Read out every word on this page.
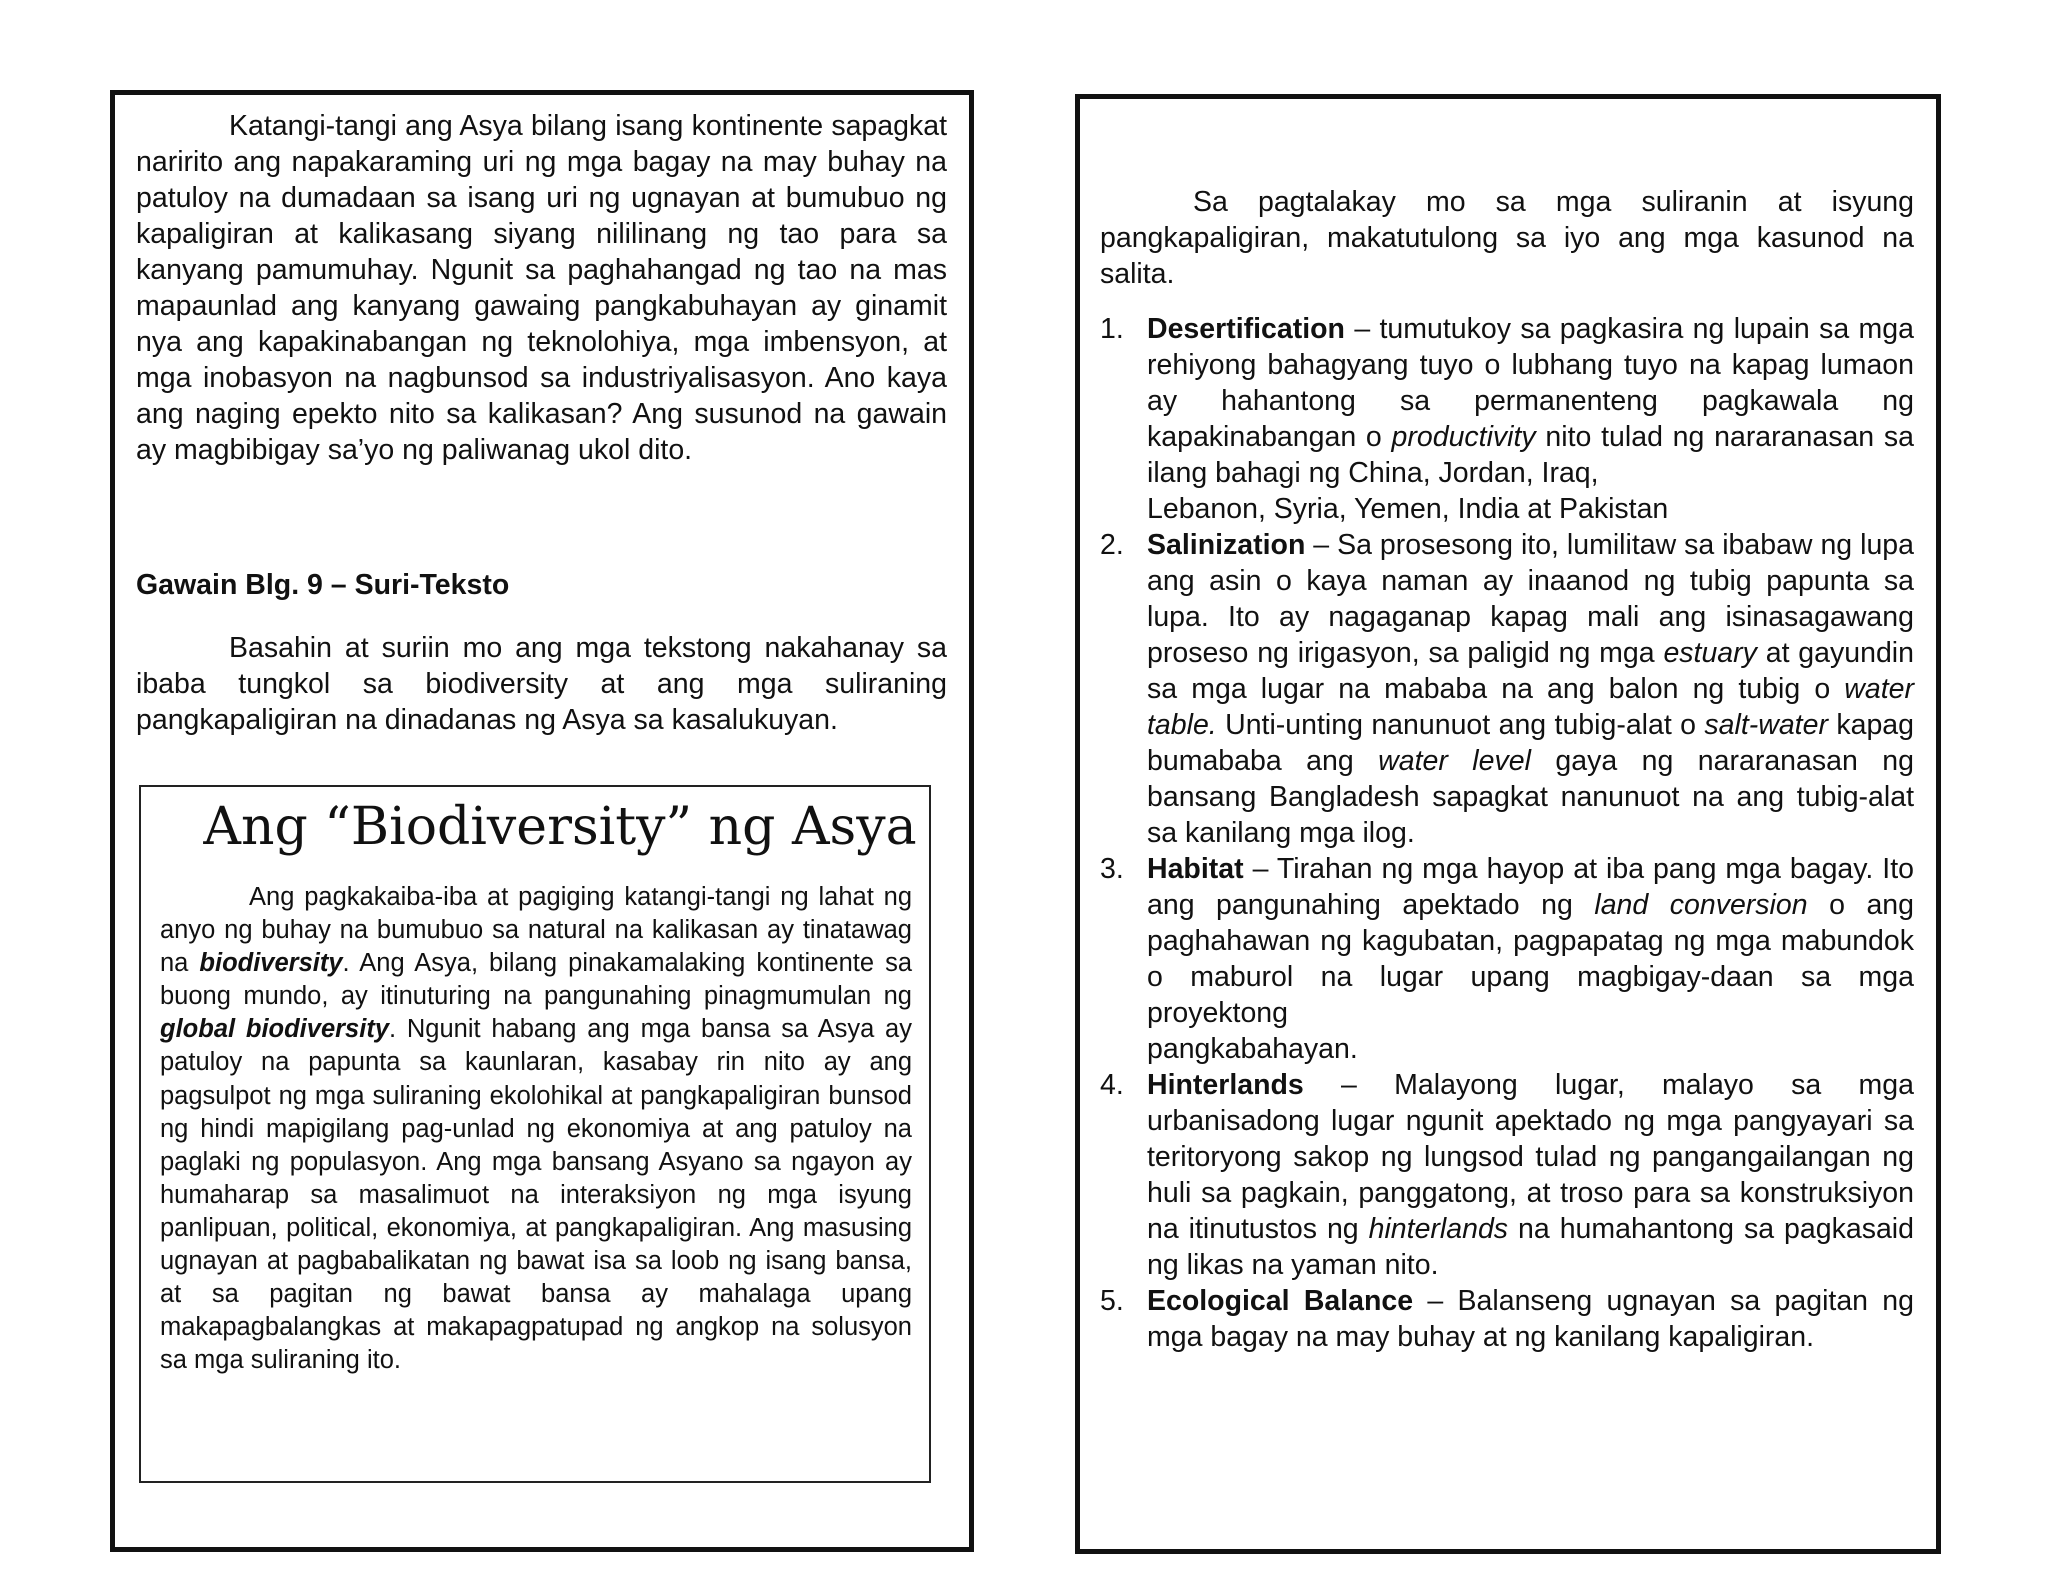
Katangi-tangi ang Asya bilang isang kontinente sapagkat naririto ang napakaraming uri ng mga bagay na may buhay na patuloy na dumadaan sa isang uri ng ugnayan at bumubuo ng kapaligiran at kalikasang siyang nililinang ng tao para sa kanyang pamumuhay. Ngunit sa paghahangad ng tao na mas mapaunlad ang kanyang gawaing pangkabuhayan ay ginamit nya ang kapakinabangan ng teknolohiya, mga imbensyon, at mga inobasyon na nagbunsod sa industriyalisasyon. Ano kaya ang naging epekto nito sa kalikasan? Ang susunod na gawain ay magbibigay sa’yo ng paliwanag ukol dito.

Gawain Blg. 9 – Suri-Teksto

Basahin at suriin mo ang mga tekstong nakahanay sa ibaba tungkol sa biodiversity at ang mga suliraning pangkapaligiran na dinadanas ng Asya sa kasalukuyan.

Ang “Biodiversity” ng Asya

Ang pagkakaiba-iba at pagiging katangi-tangi ng lahat ng anyo ng buhay na bumubuo sa natural na kalikasan ay tinatawag na biodiversity. Ang Asya, bilang pinakamalaking kontinente sa buong mundo, ay itinuturing na pangunahing pinagmumulan ng global biodiversity. Ngunit habang ang mga bansa sa Asya ay patuloy na papunta sa kaunlaran, kasabay rin nito ay ang pagsulpot ng mga suliraning ekolohikal at pangkapaligiran bunsod ng hindi mapigilang pag-unlad ng ekonomiya at ang patuloy na paglaki ng populasyon. Ang mga bansang Asyano sa ngayon ay humaharap sa masalimuot na interaksiyon ng mga isyung panlipuan, political, ekonomiya, at pangkapaligiran. Ang masusing ugnayan at pagbabalikatan ng bawat isa sa loob ng isang bansa, at sa pagitan ng bawat bansa ay mahalaga upang makapagbalangkas at makapagpatupad ng angkop na solusyon sa mga suliraning ito.

Sa pagtalakay mo sa mga suliranin at isyung pangkapaligiran, makatutulong sa iyo ang mga kasunod na salita.

1. Desertification – tumutukoy sa pagkasira ng lupain sa mga rehiyong bahagyang tuyo o lubhang tuyo na kapag lumaon ay hahantong sa permanenteng pagkawala ng kapakinabangan o productivity nito tulad ng nararanasan sa ilang bahagi ng China, Jordan, Iraq,
Lebanon, Syria, Yemen, India at Pakistan
2. Salinization – Sa prosesong ito, lumilitaw sa ibabaw ng lupa ang asin o kaya naman ay inaanod ng tubig papunta sa lupa. Ito ay nagaganap kapag mali ang isinasagawang proseso ng irigasyon, sa paligid ng mga estuary at gayundin sa mga lugar na mababa na ang balon ng tubig o water table. Unti-unting nanunuot ang tubig-alat o salt-water kapag bumababa ang water level gaya ng nararanasan ng bansang Bangladesh sapagkat nanunuot na ang tubig-alat sa kanilang mga ilog.
3. Habitat – Tirahan ng mga hayop at iba pang mga bagay. Ito ang pangunahing apektado ng land conversion o ang paghahawan ng kagubatan, pagpapatag ng mga mabundok o maburol na lugar upang magbigay-daan sa mga proyektong
pangkabahayan.
4. Hinterlands – Malayong lugar, malayo sa mga urbanisadong lugar ngunit apektado ng mga pangyayari sa teritoryong sakop ng lungsod tulad ng pangangailangan ng huli sa pagkain, panggatong, at troso para sa konstruksiyon na itinutustos ng hinterlands na humahantong sa pagkasaid ng likas na yaman nito.
5. Ecological Balance – Balanseng ugnayan sa pagitan ng mga bagay na may buhay at ng kanilang kapaligiran.
